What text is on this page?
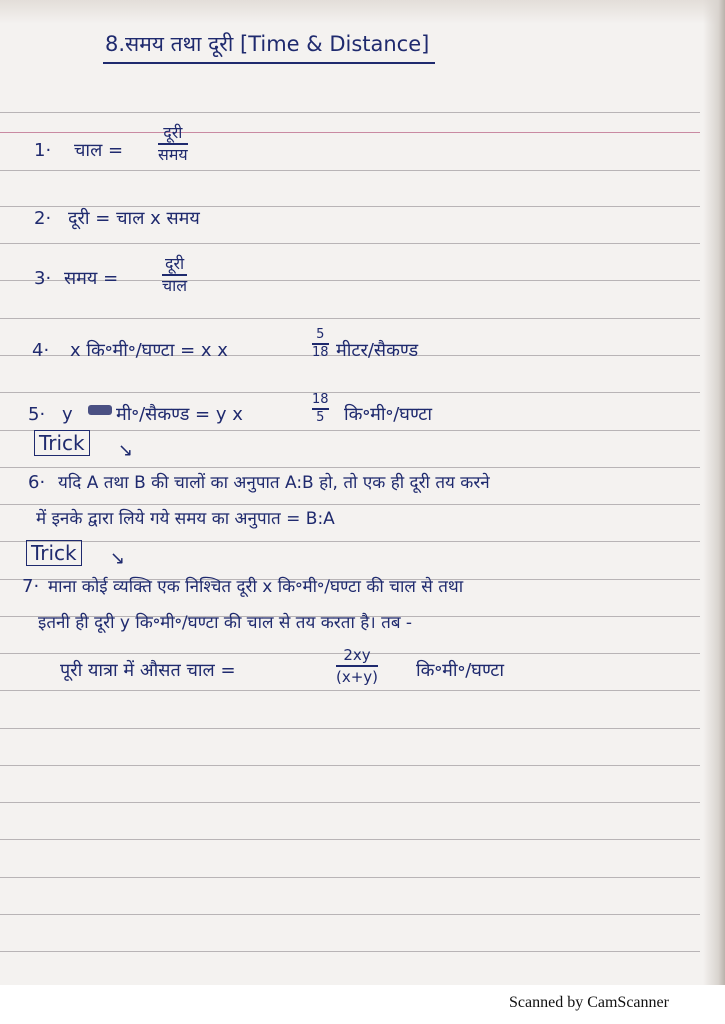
8.समय तथा दूरी [Time & Distance]
1· चाल =
दूरी
समय
2· दूरी = चाल x समय
3· समय =
दूरी
चाल
4· x कि॰मी॰/घण्टा = x x
5
18 मीटर/सैकण्ड
5· y मी॰/सैकण्ड = y x
18
5 कि॰मी॰/घण्टा
Trick ↘
6· यदि A तथा B की चालों का अनुपात A:B हो, तो एक ही दूरी तय करने
में इनके द्वारा लिये गये समय का अनुपात = B:A
Trick ↘
7· माना कोई व्यक्ति एक निश्चित दूरी x कि॰मी॰/घण्टा की चाल से तथा
इतनी ही दूरी y कि॰मी॰/घण्टा की चाल से तय करता है। तब -
पूरी यात्रा में औसत चाल =
2xy
(x+y) कि॰मी॰/घण्टा
Scanned by CamScanner
